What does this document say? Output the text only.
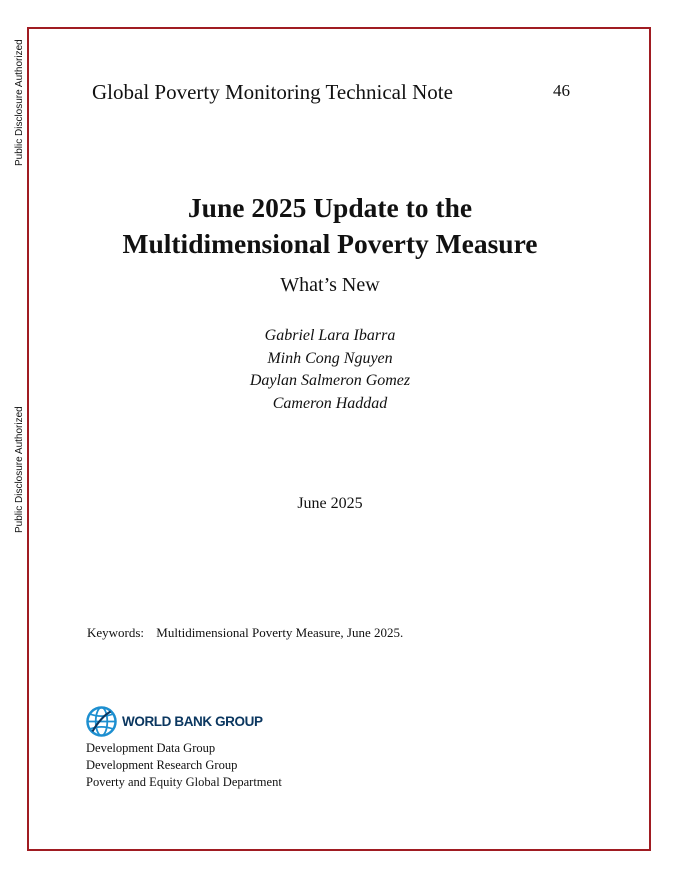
Public Disclosure Authorized
Public Disclosure Authorized
Global Poverty Monitoring Technical Note	46
June 2025 Update to the
Multidimensional Poverty Measure
What’s New
Gabriel Lara Ibarra
Minh Cong Nguyen
Daylan Salmeron Gomez
Cameron Haddad
June 2025
Keywords: Multidimensional Poverty Measure, June 2025.
WORLD BANK GROUP
Development Data Group
Development Research Group
Poverty and Equity Global Department
